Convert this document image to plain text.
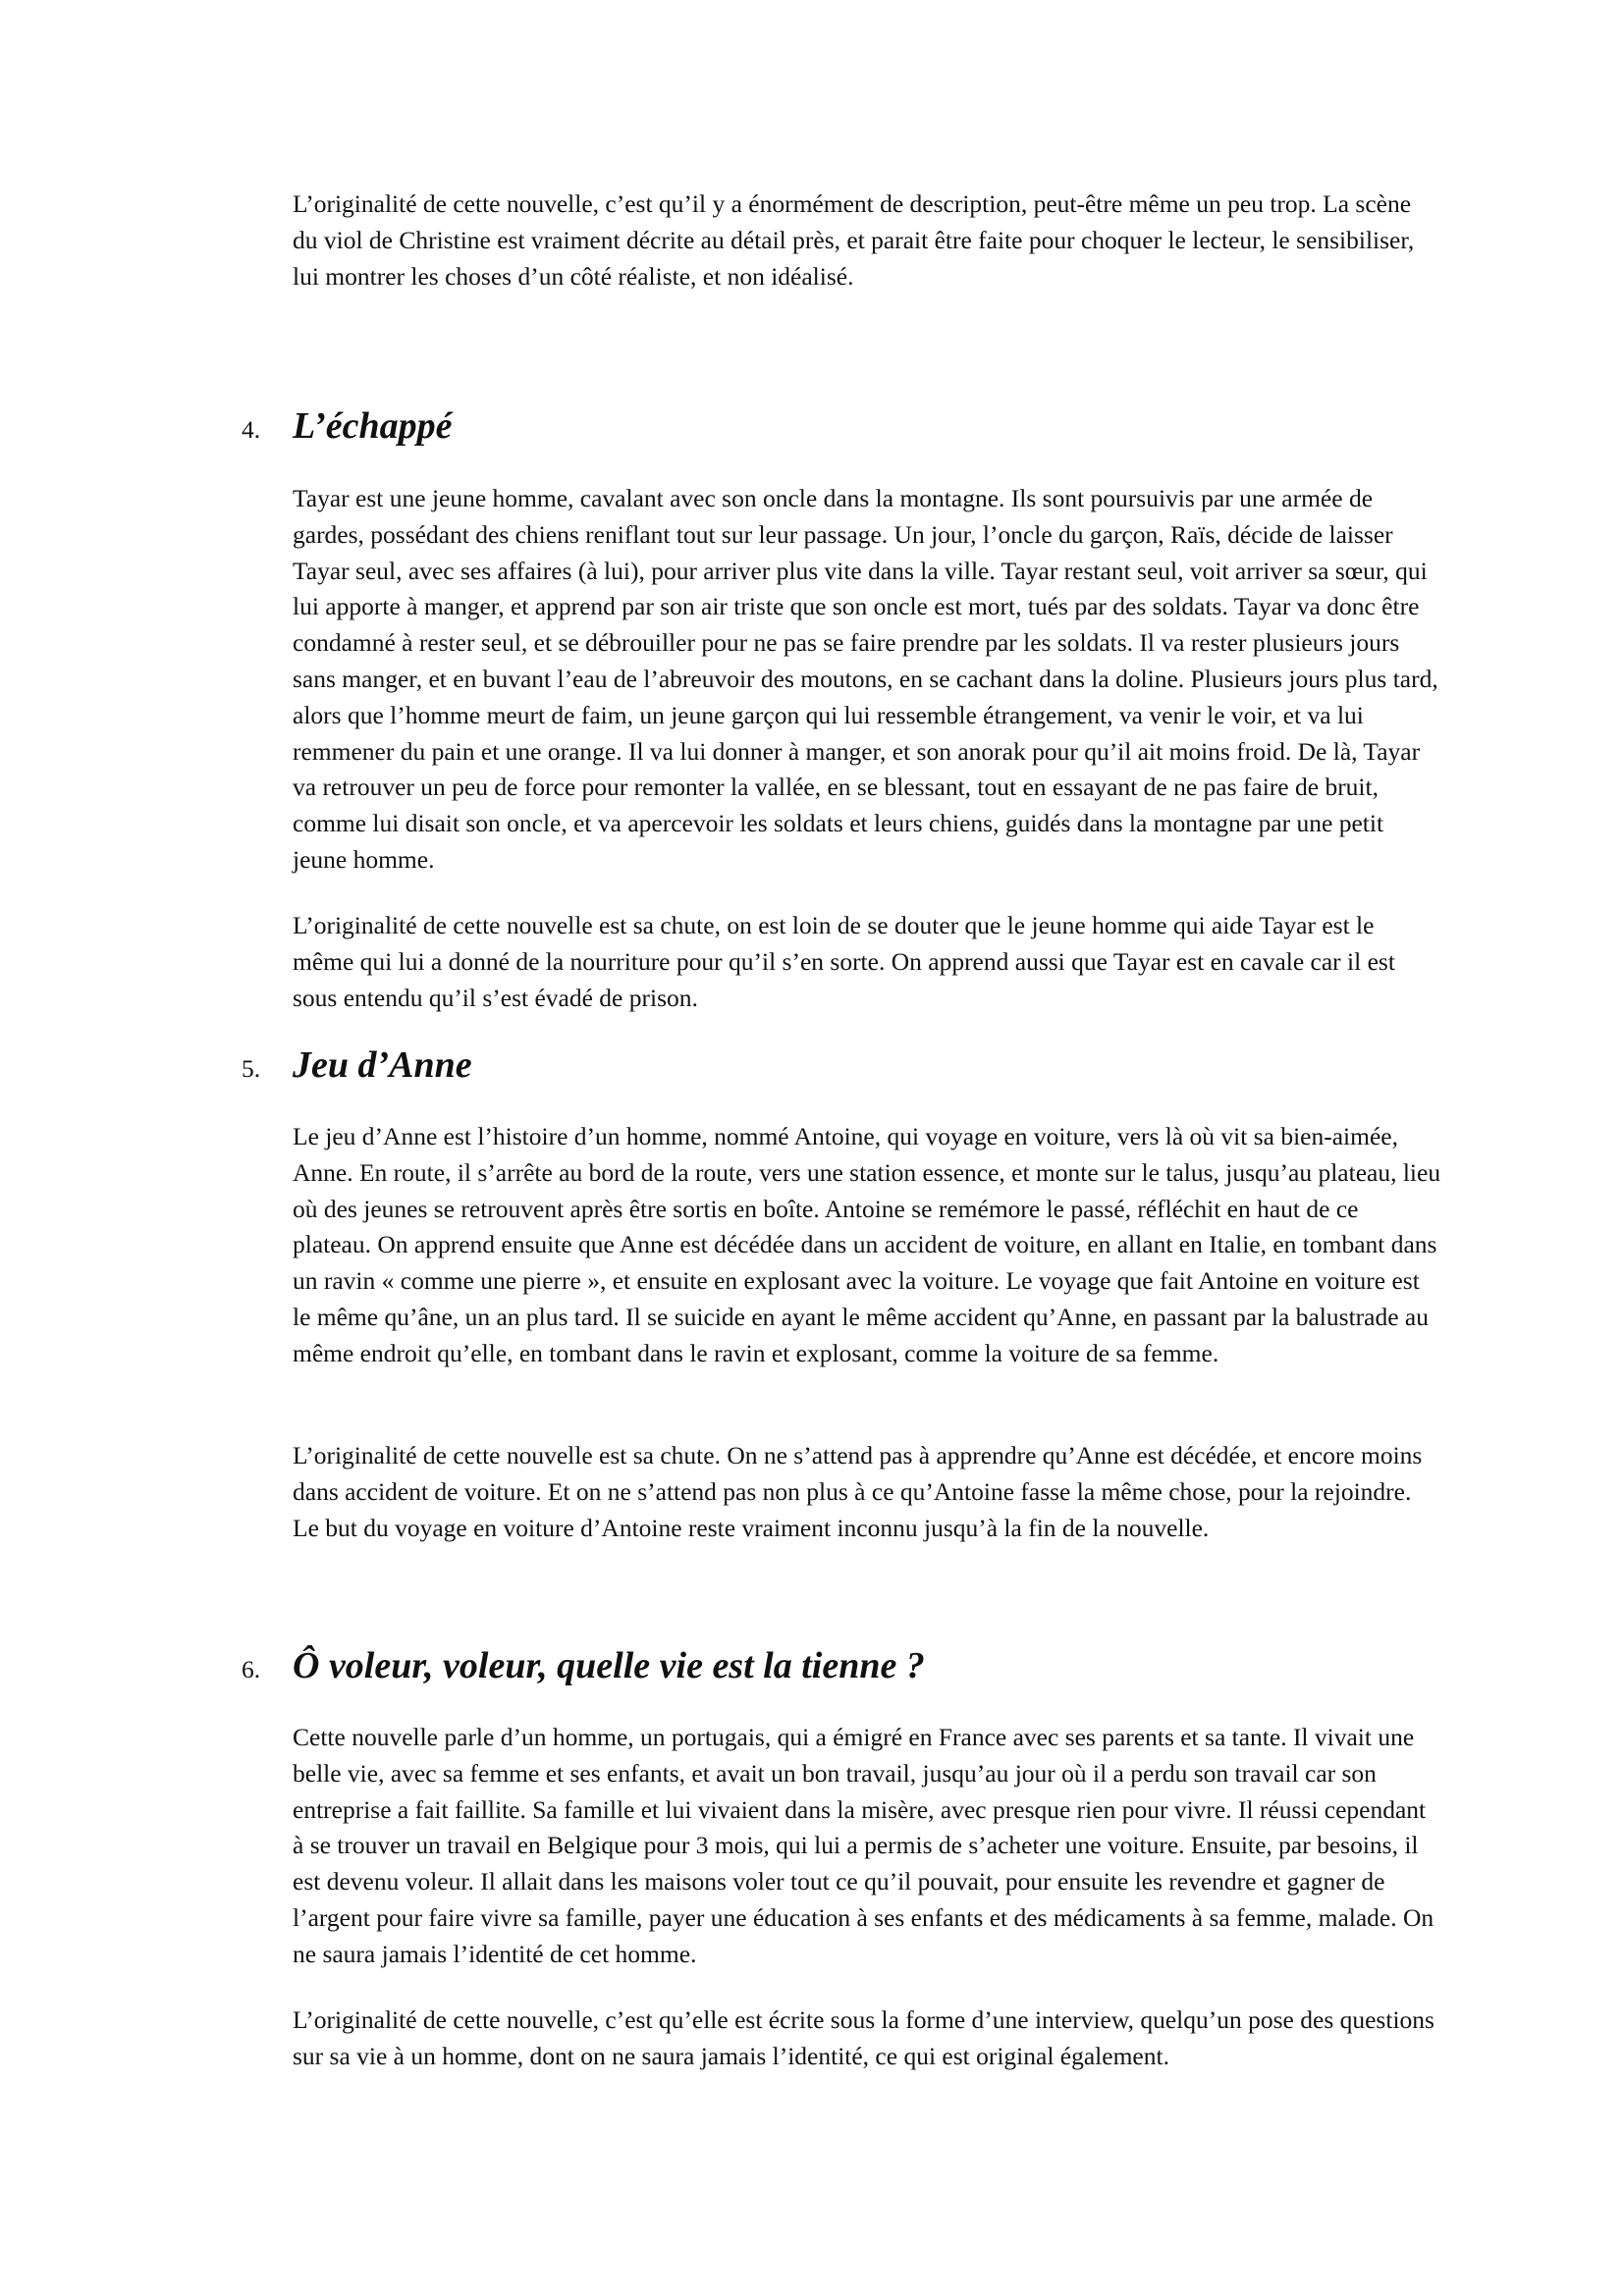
L’originalité de cette nouvelle, c’est qu’il y a énormément de description, peut-être même un peu trop. La scène du viol de Christine est vraiment décrite au détail près, et parait être faite pour choquer le lecteur, le sensibiliser, lui montrer les choses d’un côté réaliste, et non idéalisé.

4. L’échappé

Tayar est une jeune homme, cavalant avec son oncle dans la montagne. Ils sont poursuivis par une armée de gardes, possédant des chiens reniflant tout sur leur passage. Un jour, l’oncle du garçon, Raïs, décide de laisser Tayar seul, avec ses affaires (à lui), pour arriver plus vite dans la ville. Tayar restant seul, voit arriver sa sœur, qui lui apporte à manger, et apprend par son air triste que son oncle est mort, tués par des soldats. Tayar va donc être condamné à rester seul, et se débrouiller pour ne pas se faire prendre par les soldats. Il va rester plusieurs jours sans manger, et en buvant l’eau de l’abreuvoir des moutons, en se cachant dans la doline. Plusieurs jours plus tard, alors que l’homme meurt de faim, un jeune garçon qui lui ressemble étrangement, va venir le voir, et va lui remmener du pain et une orange. Il va lui donner à manger, et son anorak pour qu’il ait moins froid. De là, Tayar va retrouver un peu de force pour remonter la vallée, en se blessant, tout en essayant de ne pas faire de bruit, comme lui disait son oncle, et va apercevoir les soldats et leurs chiens, guidés dans la montagne par une petit jeune homme.

L’originalité de cette nouvelle est sa chute, on est loin de se douter que le jeune homme qui aide Tayar est le même qui lui a donné de la nourriture pour qu’il s’en sorte. On apprend aussi que Tayar est en cavale car il est sous entendu qu’il s’est évadé de prison.

5. Jeu d’Anne

Le jeu d’Anne est l’histoire d’un homme, nommé Antoine, qui voyage en voiture, vers là où vit sa bien-aimée, Anne. En route, il s’arrête au bord de la route, vers une station essence, et monte sur le talus, jusqu’au plateau, lieu où des jeunes se retrouvent après être sortis en boîte. Antoine se remémore le passé, réfléchit en haut de ce plateau. On apprend ensuite que Anne est décédée dans un accident de voiture, en allant en Italie, en tombant dans un ravin « comme une pierre », et ensuite en explosant avec la voiture. Le voyage que fait Antoine en voiture est le même qu’âne, un an plus tard. Il se suicide en ayant le même accident qu’Anne, en passant par la balustrade au même endroit qu’elle, en tombant dans le ravin et explosant, comme la voiture de sa femme.

L’originalité de cette nouvelle est sa chute. On ne s’attend pas à apprendre qu’Anne est décédée, et encore moins dans accident de voiture. Et on ne s’attend pas non plus à ce qu’Antoine fasse la même chose, pour la rejoindre. Le but du voyage en voiture d’Antoine reste vraiment inconnu jusqu’à la fin de la nouvelle.

6. Ô voleur, voleur, quelle vie est la tienne ?

Cette nouvelle parle d’un homme, un portugais, qui a émigré en France avec ses parents et sa tante. Il vivait une belle vie, avec sa femme et ses enfants, et avait un bon travail, jusqu’au jour où il a perdu son travail car son entreprise a fait faillite. Sa famille et lui vivaient dans la misère, avec presque rien pour vivre. Il réussi cependant à se trouver un travail en Belgique pour 3 mois, qui lui a permis de s’acheter une voiture. Ensuite, par besoins, il est devenu voleur. Il allait dans les maisons voler tout ce qu’il pouvait, pour ensuite les revendre et gagner de l’argent pour faire vivre sa famille, payer une éducation à ses enfants et des médicaments à sa femme, malade. On ne saura jamais l’identité de cet homme.

L’originalité de cette nouvelle, c’est qu’elle est écrite sous la forme d’une interview, quelqu’un pose des questions sur sa vie à un homme, dont on ne saura jamais l’identité, ce qui est original également.
